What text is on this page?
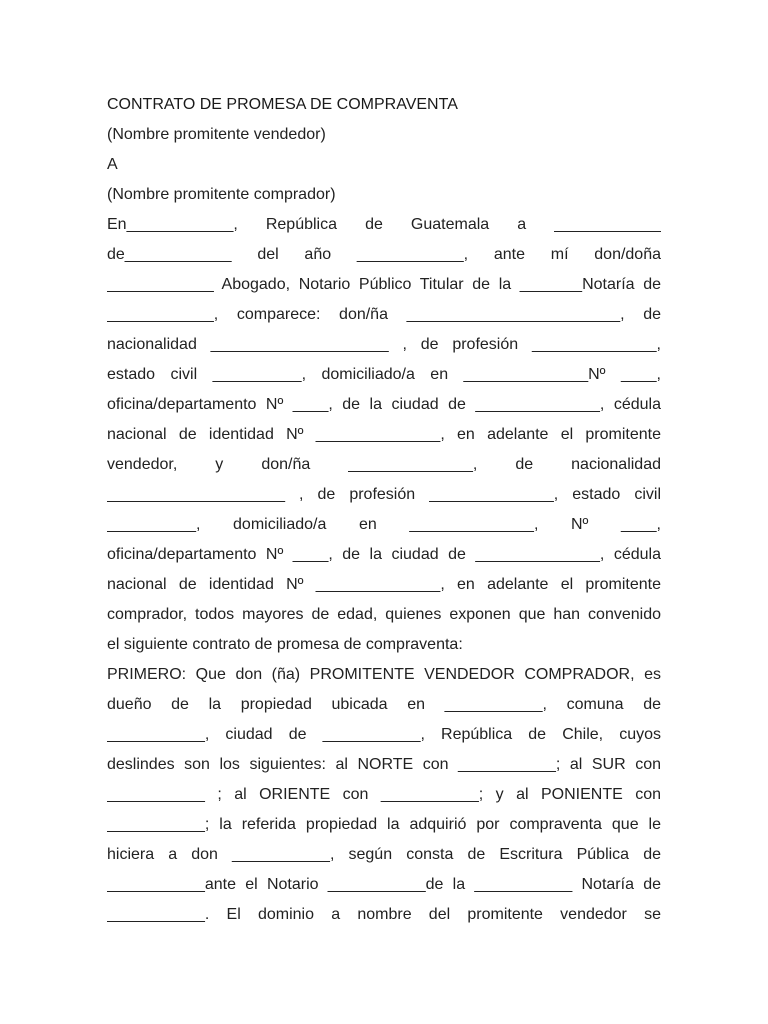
CONTRATO DE PROMESA DE COMPRAVENTA

(Nombre promitente vendedor)

A

(Nombre promitente comprador)

En____________, República de Guatemala a ____________

de____________ del año ____________, ante mí don/doña

____________ Abogado, Notario Público Titular de la _______Notaría de

____________, comparece: don/ña ________________________, de

nacionalidad ____________________ , de profesión ______________,

estado civil __________, domiciliado/a en ______________Nº ____,

oficina/departamento Nº ____, de la ciudad de ______________, cédula

nacional de identidad Nº ______________, en adelante el promitente

vendedor, y don/ña ______________, de nacionalidad

____________________ , de profesión ______________, estado civil

__________, domiciliado/a en ______________, Nº ____,

oficina/departamento Nº ____, de la ciudad de ______________, cédula

nacional de identidad Nº ______________, en adelante el promitente

comprador, todos mayores de edad, quienes exponen que han convenido

el siguiente contrato de promesa de compraventa:

PRIMERO: Que don (ña) PROMITENTE VENDEDOR COMPRADOR, es

dueño de la propiedad ubicada en ___________, comuna de

___________, ciudad de ___________, República de Chile, cuyos

deslindes son los siguientes: al NORTE con ___________; al SUR con

___________ ; al ORIENTE con ___________; y al PONIENTE con

___________; la referida propiedad la adquirió por compraventa que le

hiciera a don ___________, según consta de Escritura Pública de

___________ante el Notario ___________de la ___________ Notaría de

___________. El dominio a nombre del promitente vendedor se
